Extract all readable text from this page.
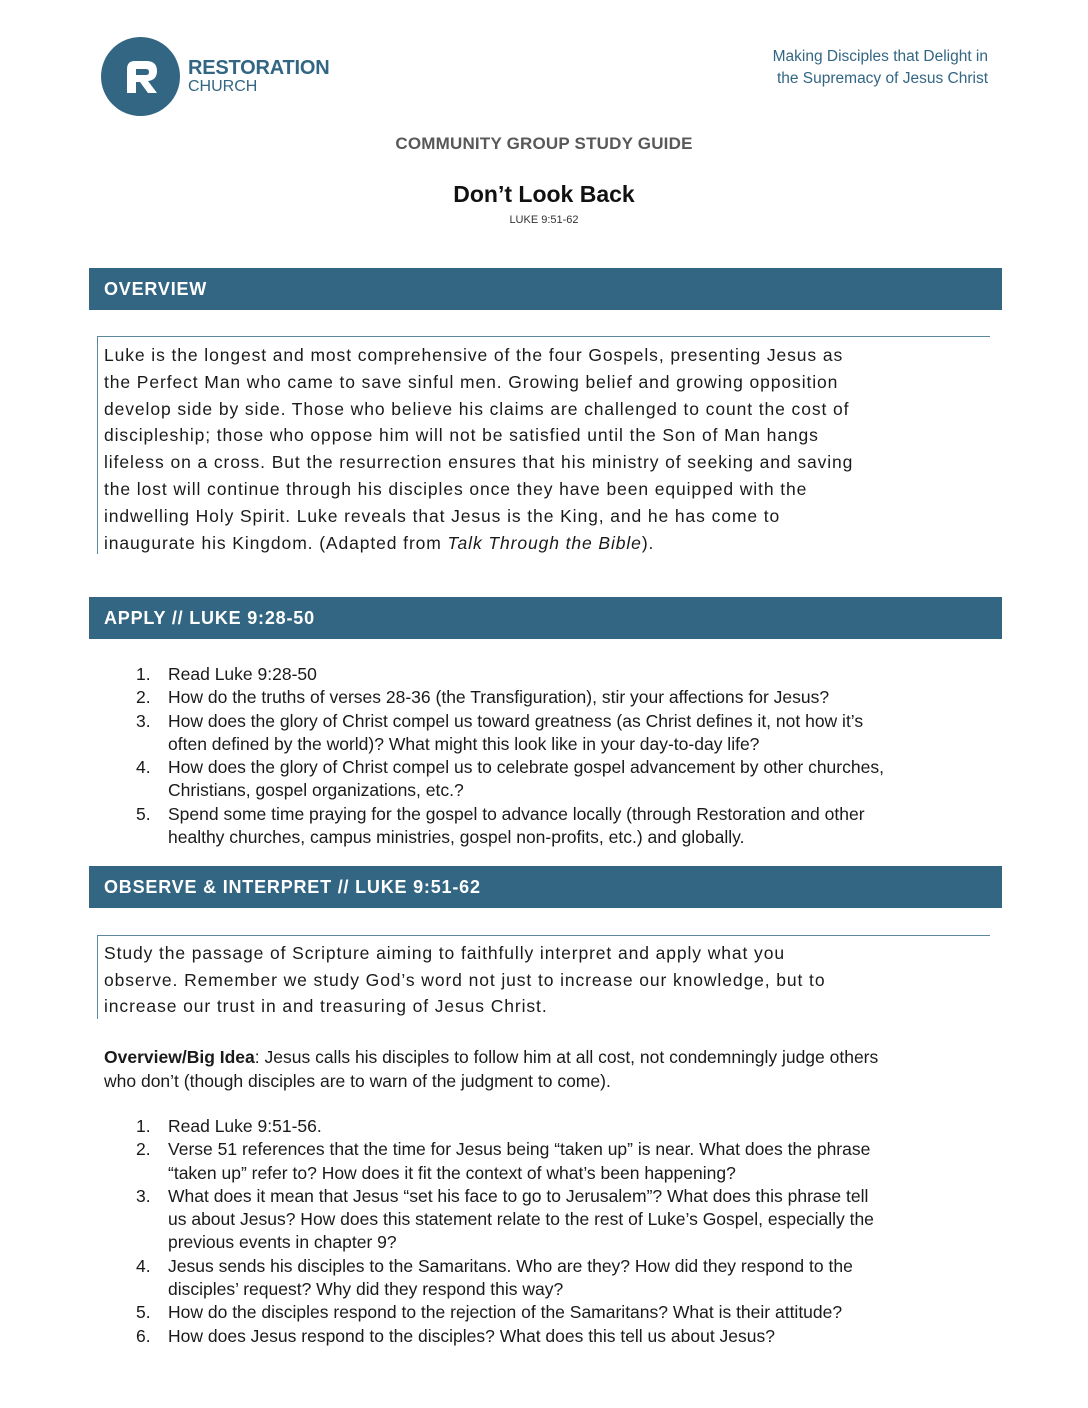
RESTORATION
CHURCH
Making Disciples that Delight in
the Supremacy of Jesus Christ
COMMUNITY GROUP STUDY GUIDE
Don’t Look Back
LUKE 9:51-62
OVERVIEW
Luke is the longest and most comprehensive of the four Gospels, presenting Jesus as
the Perfect Man who came to save sinful men. Growing belief and growing opposition
develop side by side. Those who believe his claims are challenged to count the cost of
discipleship; those who oppose him will not be satisfied until the Son of Man hangs
lifeless on a cross. But the resurrection ensures that his ministry of seeking and saving
the lost will continue through his disciples once they have been equipped with the
indwelling Holy Spirit. Luke reveals that Jesus is the King, and he has come to
inaugurate his Kingdom. (Adapted from Talk Through the Bible).
APPLY // LUKE 9:28-50
1. Read Luke 9:28-50
2. How do the truths of verses 28-36 (the Transfiguration), stir your affections for Jesus?
3. How does the glory of Christ compel us toward greatness (as Christ defines it, not how it’s
often defined by the world)? What might this look like in your day-to-day life?
4. How does the glory of Christ compel us to celebrate gospel advancement by other churches,
Christians, gospel organizations, etc.?
5. Spend some time praying for the gospel to advance locally (through Restoration and other
healthy churches, campus ministries, gospel non-profits, etc.) and globally.
OBSERVE & INTERPRET // LUKE 9:51-62
Study the passage of Scripture aiming to faithfully interpret and apply what you
observe. Remember we study God’s word not just to increase our knowledge, but to
increase our trust in and treasuring of Jesus Christ.
Overview/Big Idea: Jesus calls his disciples to follow him at all cost, not condemningly judge others
who don’t (though disciples are to warn of the judgment to come).
1. Read Luke 9:51-56.
2. Verse 51 references that the time for Jesus being “taken up” is near. What does the phrase
“taken up” refer to? How does it fit the context of what’s been happening?
3. What does it mean that Jesus “set his face to go to Jerusalem”? What does this phrase tell
us about Jesus? How does this statement relate to the rest of Luke’s Gospel, especially the
previous events in chapter 9?
4. Jesus sends his disciples to the Samaritans. Who are they? How did they respond to the
disciples’ request? Why did they respond this way?
5. How do the disciples respond to the rejection of the Samaritans? What is their attitude?
6. How does Jesus respond to the disciples? What does this tell us about Jesus?
